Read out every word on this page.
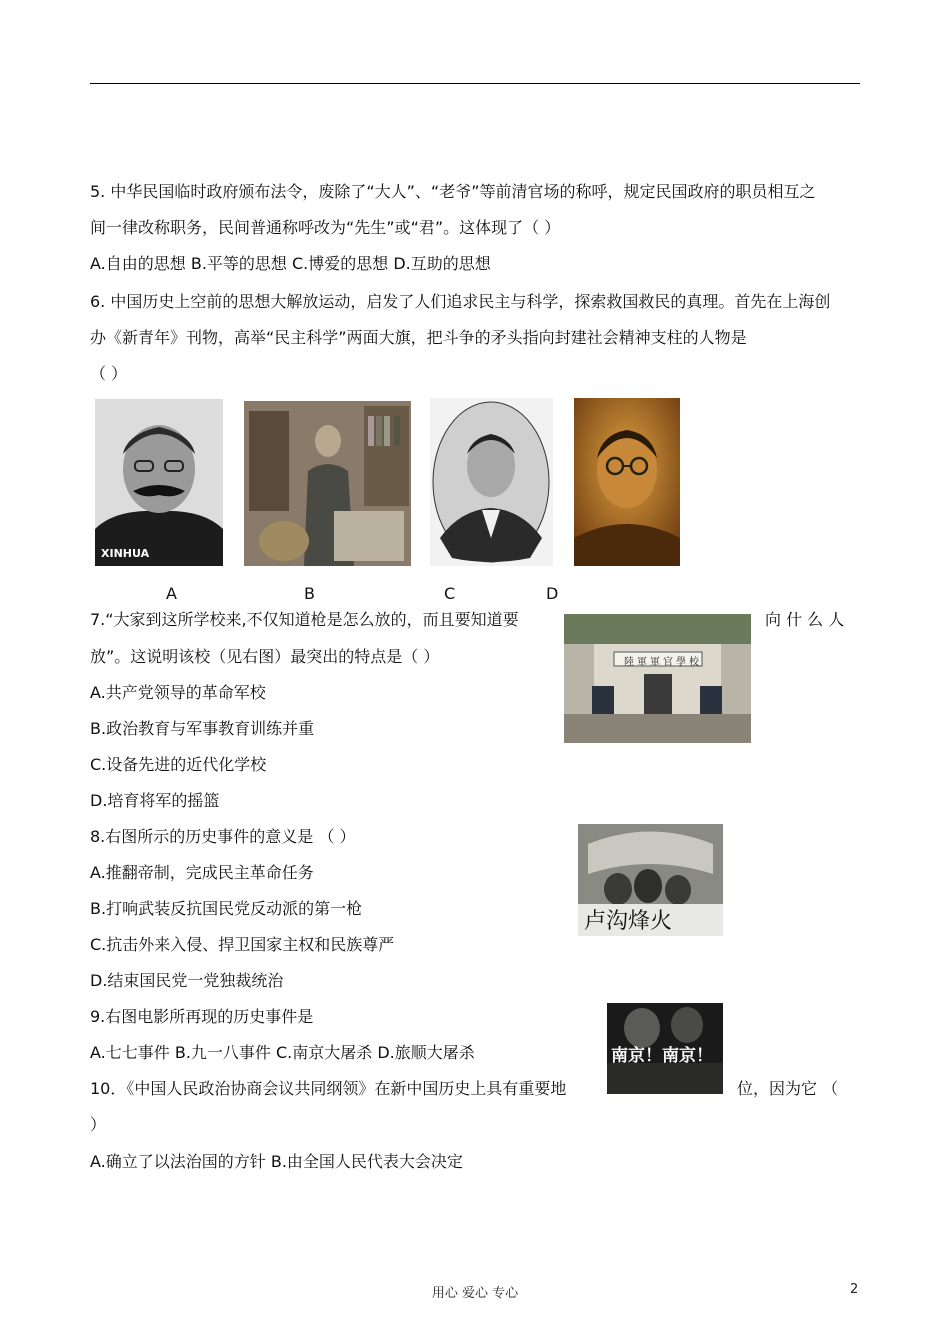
5. 中华民国临时政府颁布法令，废除了“大人”、“老爷”等前清官场的称呼，规定民国政府的职员相互之
间一律改称职务，民间普通称呼改为“先生”或“君”。这体现了（ ）
A.自由的思想 B.平等的思想 C.博爱的思想 D.互助的思想
6. 中国历史上空前的思想大解放运动，启发了人们追求民主与科学，探索救国救民的真理。首先在上海创
办《新青年》刊物，高举“民主科学”两面大旗，把斗争的矛头指向封建社会精神支柱的人物是
（ ）
XINHUA
A	B	C	D
7.“大家到这所学校来,不仅知道枪是怎么放的，而且要知道要	向 什 么 人
放”。这说明该校（见右图）最突出的特点是（ ）
A.共产党领导的革命军校
B.政治教育与军事教育训练并重
C.设备先进的近代化学校
D.培育将军的摇篮
陸軍軍官學校
8.右图所示的历史事件的意义是 （ ）
A.推翻帝制，完成民主革命任务
B.打响武装反抗国民党反动派的第一枪
C.抗击外来入侵、捍卫国家主权和民族尊严
D.结束国民党一党独裁统治
卢沟烽火
9.右图电影所再现的历史事件是
A.七七事件 B.九一八事件 C.南京大屠杀 D.旅顺大屠杀	南京！南京！
10．《中国人民政治协商会议共同纲领》在新中国历史上具有重要地	位，因为它 （
）
A.确立了以法治国的方针 B.由全国人民代表大会决定
用心 爱心 专心	2
